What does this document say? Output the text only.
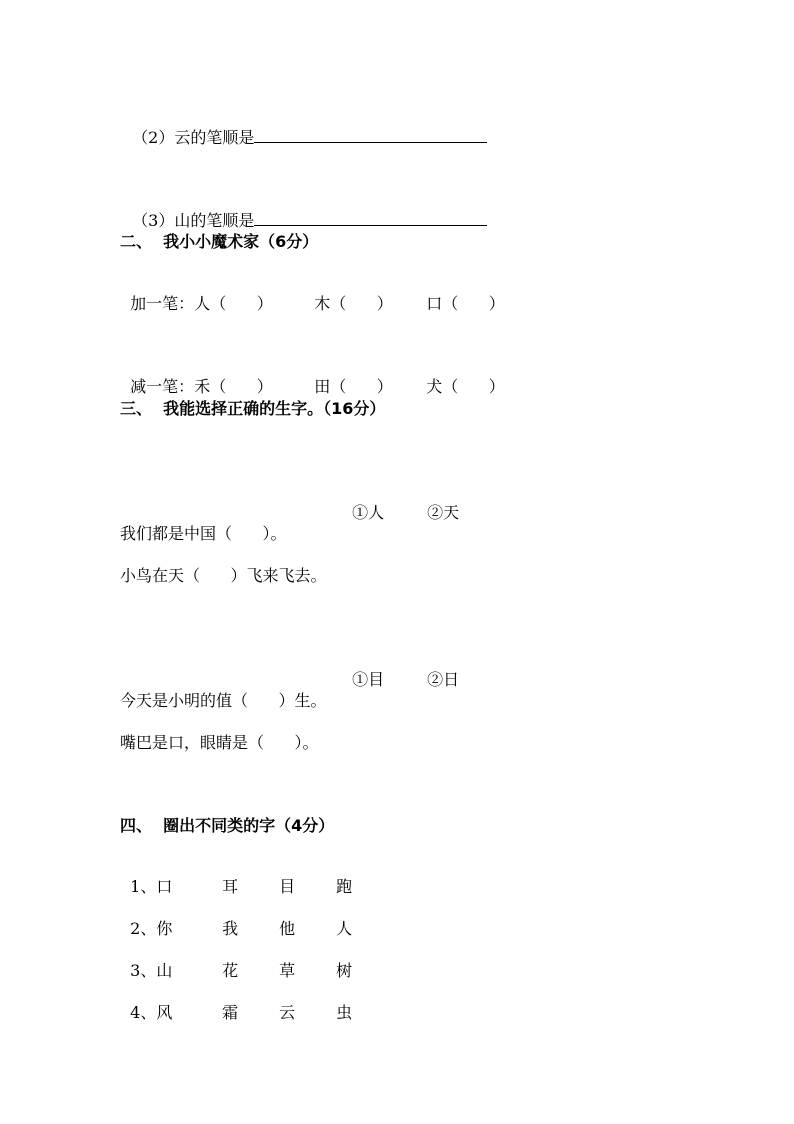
（2）云的笔顺是

（3）山的笔顺是

二、  我小小魔术家（6分）

加一笔：人（      ）	木（      ） 口（      ）

减一笔：禾（      ）	田（      ） 犬（      ）

三、  我能选择正确的生字。（16分）

①人	②天

我们都是中国（      ）。
小鸟在天（      ）飞来飞去。

①目	②日

今天是小明的值（      ）生。
嘴巴是口，眼睛是（      ）。
四、  圈出不同类的字（4分）

1、口	耳	目	跑

2、你	我	他	人

3、山	花	草	树

4、风	霜	云	虫
